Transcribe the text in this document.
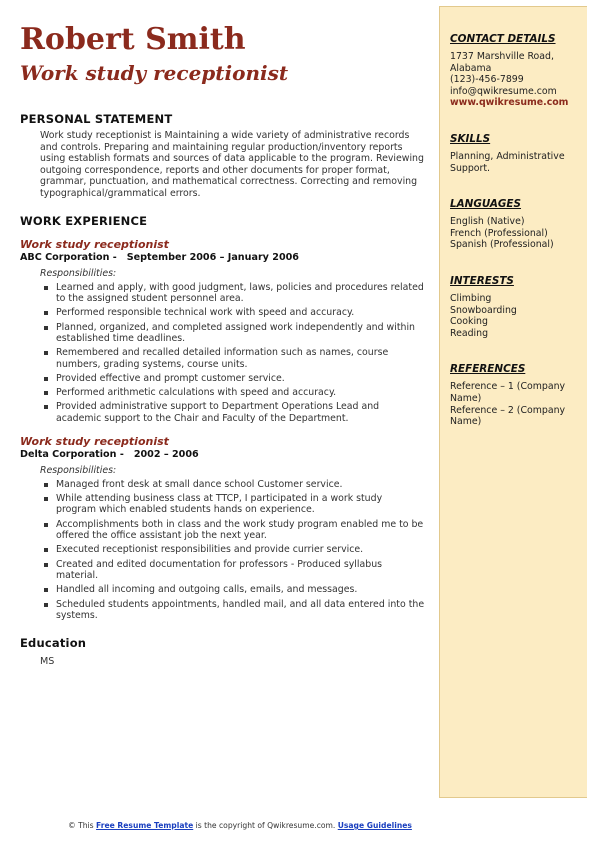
Robert Smith
Work study receptionist
PERSONAL STATEMENT

Work study receptionist is Maintaining a wide variety of administrative records and controls. Preparing and maintaining regular production/inventory reports using establish formats and sources of data applicable to the program. Reviewing outgoing correspondence, reports and other documents for proper format, grammar, punctuation, and mathematical correctness. Correcting and removing typographical/grammatical errors.

WORK EXPERIENCE
Work study receptionist
ABC Corporation - September 2006 – January 2006
Responsibilities:
Learned and apply, with good judgment, laws, policies and procedures related to the assigned student personnel area.
Performed responsible technical work with speed and accuracy.
Planned, organized, and completed assigned work independently and within established time deadlines.
Remembered and recalled detailed information such as names, course numbers, grading systems, course units.
Provided effective and prompt customer service.
Performed arithmetic calculations with speed and accuracy.
Provided administrative support to Department Operations Lead and academic support to the Chair and Faculty of the Department.
Work study receptionist
Delta Corporation - 2002 – 2006
Responsibilities:
Managed front desk at small dance school Customer service.
While attending business class at TTCP, I participated in a work study program which enabled students hands on experience.
Accomplishments both in class and the work study program enabled me to be offered the office assistant job the next year.
Executed receptionist responsibilities and provide currier service.
Created and edited documentation for professors - Produced syllabus material.
Handled all incoming and outgoing calls, emails, and messages.
Scheduled students appointments, handled mail, and all data entered into the systems.
Education
MS
CONTACT DETAILS
1737 Marshville Road,
Alabama
(123)-456-7899
info@qwikresume.com
www.qwikresume.com
SKILLS
Planning, Administrative
Support.
LANGUAGES
English (Native)
French (Professional)
Spanish (Professional)
INTERESTS
Climbing
Snowboarding
Cooking
Reading
REFERENCES
Reference – 1 (Company
Name)
Reference – 2 (Company
Name)
© This Free Resume Template is the copyright of Qwikresume.com. Usage Guidelines
